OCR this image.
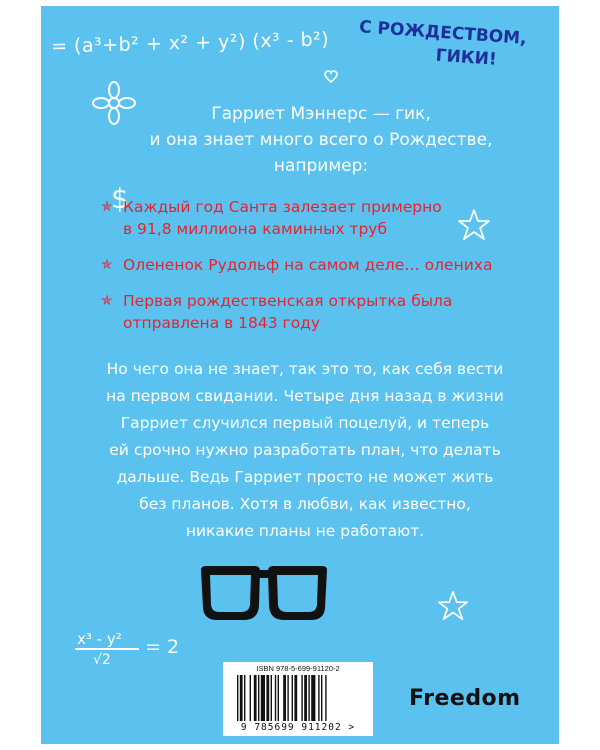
= (a³+b² + x² + y²) (x³ - b²)	С РОЖДЕСТВОМ,
ГИКИ!
$
Гарриет Мэннерс — гик,
и она знает много всего о Рождестве,
например:
✯ Каждый год Санта залезает примерно
в 91,8 миллиона каминных труб
✯ Олененок Рудольф на самом деле… олениха
✯ Первая рождественская открытка была
отправлена в 1843 году
Но чего она не знает, так это то, как себя вести
на первом свидании. Четыре дня назад в жизни
Гарриет случился первый поцелуй, и теперь
ей срочно нужно разработать план, что делать
дальше. Ведь Гарриет просто не может жить
без планов. Хотя в любви, как известно,
никакие планы не работают.
x³ - y²
√2
= 2
ISBN 978-5-699-91120-2
9 785699 911202 >
Freedom
